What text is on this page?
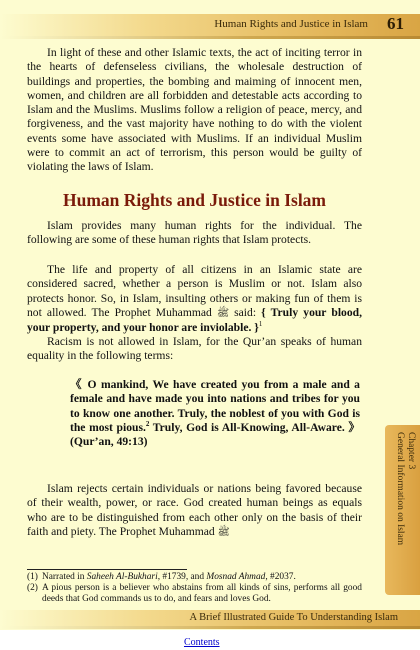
Human Rights and Justice in Islam 61

In light of these and other Islamic texts, the act of inciting terror in the hearts of defenseless civilians, the wholesale destruction of buildings and properties, the bombing and maiming of innocent men, women, and children are all forbidden and detestable acts according to Islam and the Muslims. Muslims follow a religion of peace, mercy, and forgiveness, and the vast majority have nothing to do with the violent events some have associated with Muslims. If an individual Muslim were to commit an act of terrorism, this person would be guilty of violating the laws of Islam.

Human Rights and Justice in Islam

Islam provides many human rights for the individual. The following are some of these human rights that Islam protects.

The life and property of all citizens in an Islamic state are considered sacred, whether a person is Muslim or not. Islam also protects honor. So, in Islam, insulting others or making fun of them is not allowed. The Prophet Muhammad ﷺ said: { Truly your blood, your property, and your honor are inviolable. }$^1$

Racism is not allowed in Islam, for the Qur’an speaks of human equality in the following terms:

《 O mankind, We have created you from a male and a female and have made you into nations and tribes for you to know one another. Truly, the noblest of you with God is the most pious.$^2$ Truly, God is All-Knowing, All-Aware. 》 (Qur’an, 49:13)

Islam rejects certain individuals or nations being favored because of their wealth, power, or race. God created human beings as equals who are to be distinguished from each other only on the basis of their faith and piety. The Prophet Muhammad ﷺ

Chapter 3
General Information on Islam
(1) Narrated in Saheeh Al-Bukhari, #1739, and Mosnad Ahmad, #2037.
(2) A pious person is a believer who abstains from all kinds of sins, performs all good deeds that God commands us to do, and fears and loves God.
A Brief Illustrated Guide To Understanding Islam
Contents
